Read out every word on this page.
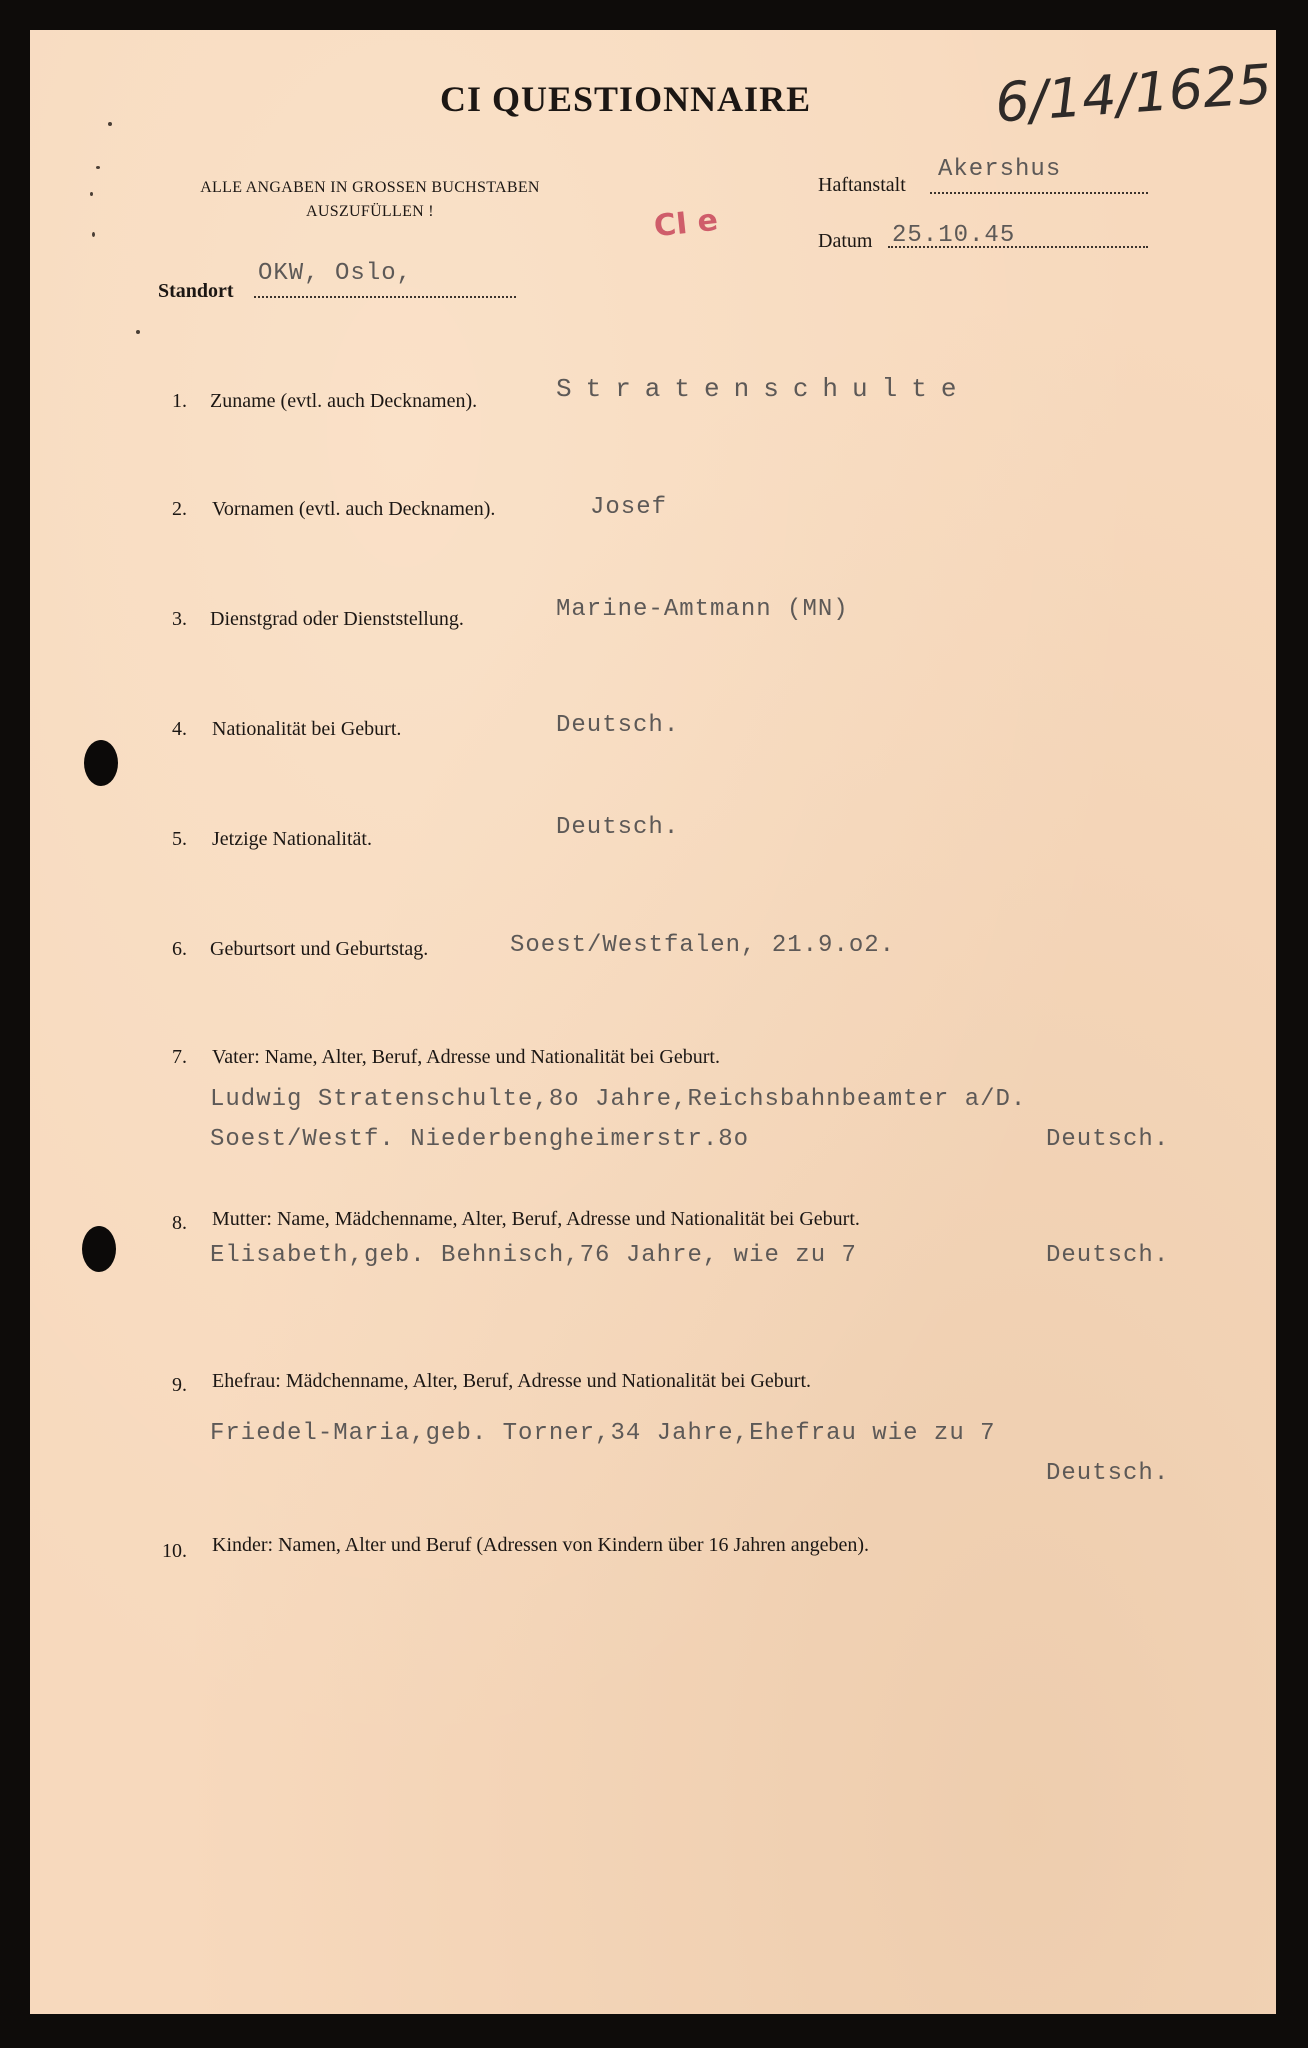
CI QUESTIONNAIRE	6/14/1625
ALLE ANGABEN IN GROSSEN BUCHSTABEN
AUSZUFÜLLEN !	CI e
Haftanstalt
Akershus
Datum 25.10.45
Standort
OKW, Oslo,
1. Zuname (evtl. auch Decknamen).	Stratenschulte
2. Vornamen (evtl. auch Decknamen).	Josef
3. Dienstgrad oder Dienststellung.	Marine-Amtmann (MN)
4. Nationalität bei Geburt.	Deutsch.
5. Jetzige Nationalität.	Deutsch.
6. Geburtsort und Geburtstag.	Soest/Westfalen, 21.9.o2.
7. Vater: Name, Alter, Beruf, Adresse und Nationalität bei Geburt.
Ludwig Stratenschulte,8o Jahre,Reichsbahnbeamter a/D.
Soest/Westf. Niederbengheimerstr.8o	Deutsch.
8. Mutter: Name, Mädchenname, Alter, Beruf, Adresse und Nationalität bei Geburt.
Elisabeth,geb. Behnisch,76 Jahre, wie zu 7	Deutsch.
9. Ehefrau: Mädchenname, Alter, Beruf, Adresse und Nationalität bei Geburt.
Friedel-Maria,geb. Torner,34 Jahre,Ehefrau wie zu 7
Deutsch.
10. Kinder: Namen, Alter und Beruf (Adressen von Kindern über 16 Jahren angeben).
